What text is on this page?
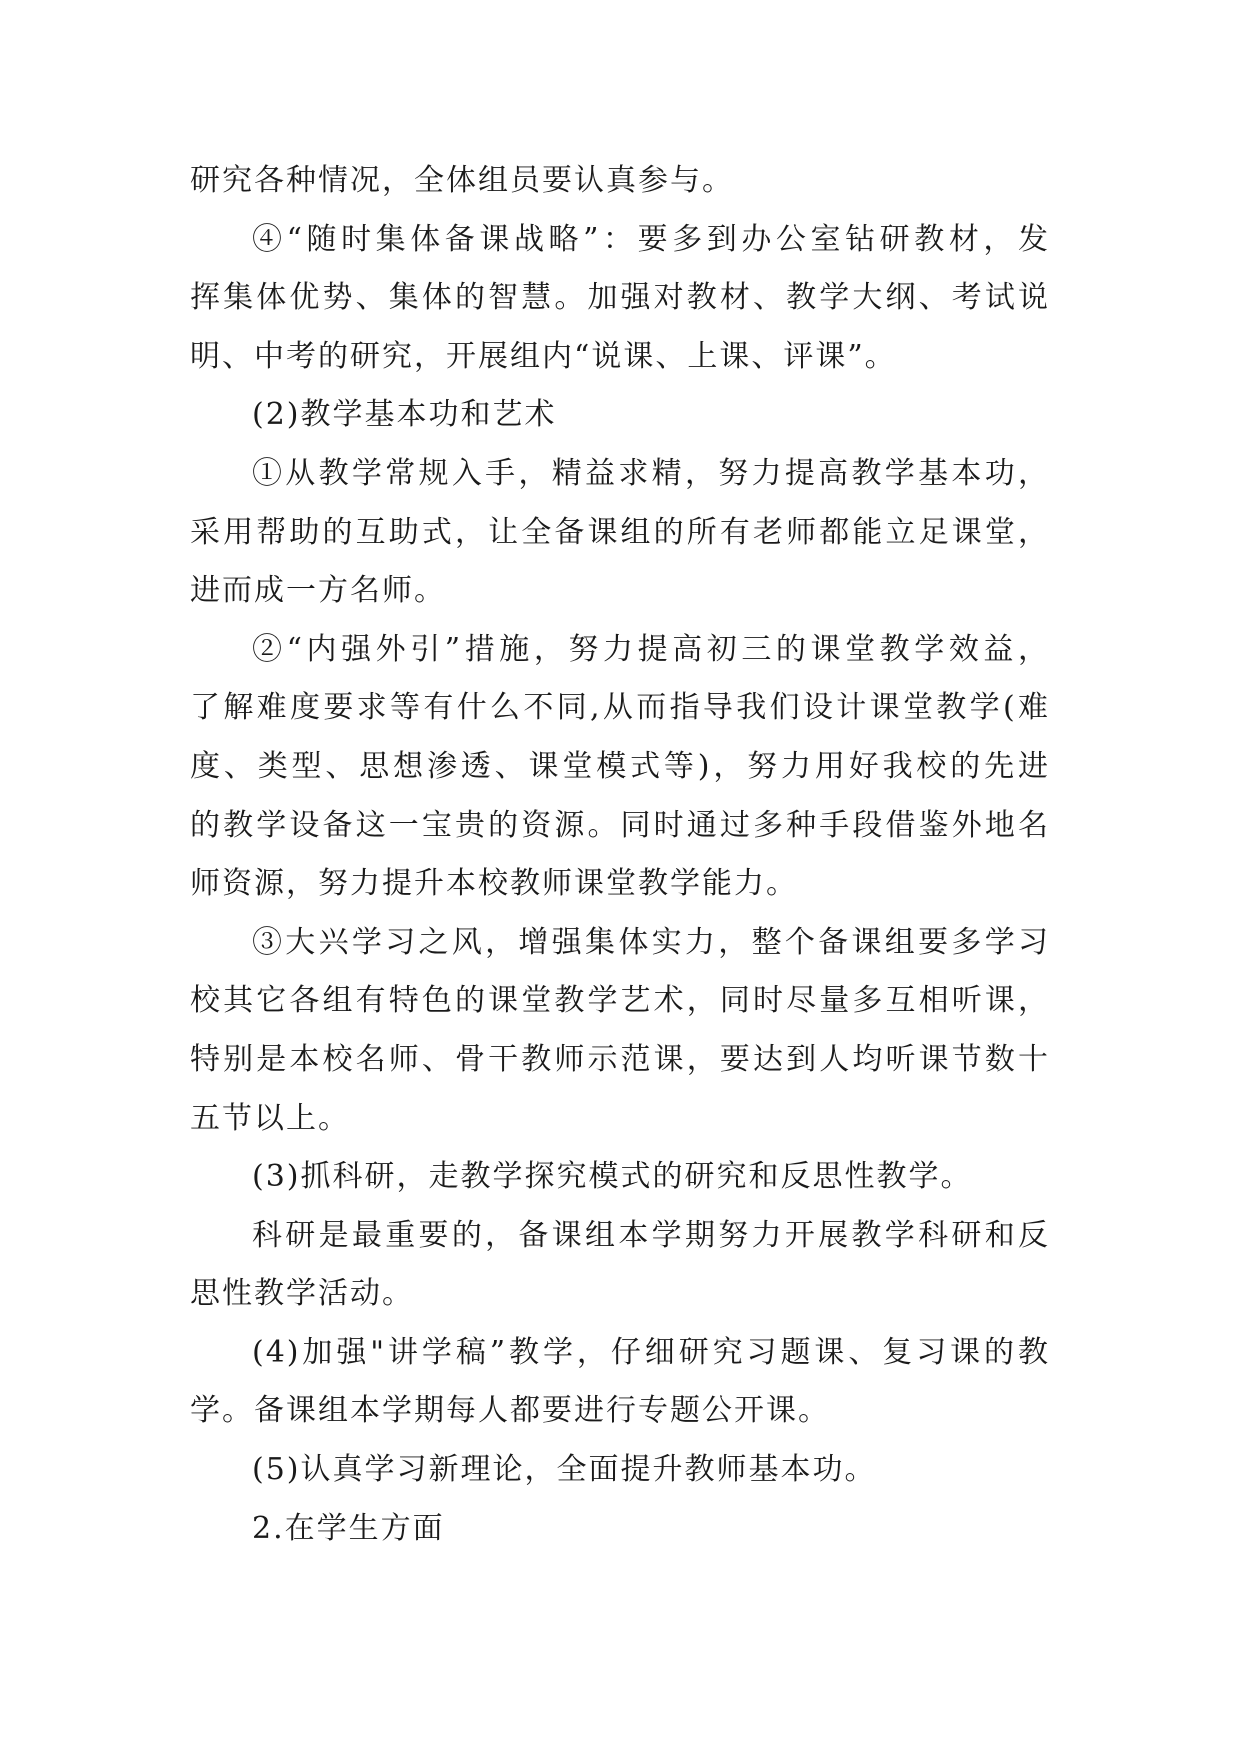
研究各种情况，全体组员要认真参与。
④“随时集体备课战略”：要多到办公室钻研教材，发
挥集体优势、集体的智慧。加强对教材、教学大纲、考试说
明、中考的研究，开展组内“说课、上课、评课”。
(2)教学基本功和艺术
①从教学常规入手，精益求精，努力提高教学基本功，
采用帮助的互助式，让全备课组的所有老师都能立足课堂，
进而成一方名师。
②“内强外引”措施，努力提高初三的课堂教学效益，
了解难度要求等有什么不同,从而指导我们设计课堂教学(难
度、类型、思想渗透、课堂模式等)，努力用好我校的先进
的教学设备这一宝贵的资源。同时通过多种手段借鉴外地名
师资源，努力提升本校教师课堂教学能力。
③大兴学习之风，增强集体实力，整个备课组要多学习
校其它各组有特色的课堂教学艺术，同时尽量多互相听课，
特别是本校名师、骨干教师示范课，要达到人均听课节数十
五节以上。
(3)抓科研，走教学探究模式的研究和反思性教学。
科研是最重要的，备课组本学期努力开展教学科研和反
思性教学活动。
(4)加强"讲学稿”教学，仔细研究习题课、复习课的教
学。备课组本学期每人都要进行专题公开课。
(5)认真学习新理论，全面提升教师基本功。
2.在学生方面
